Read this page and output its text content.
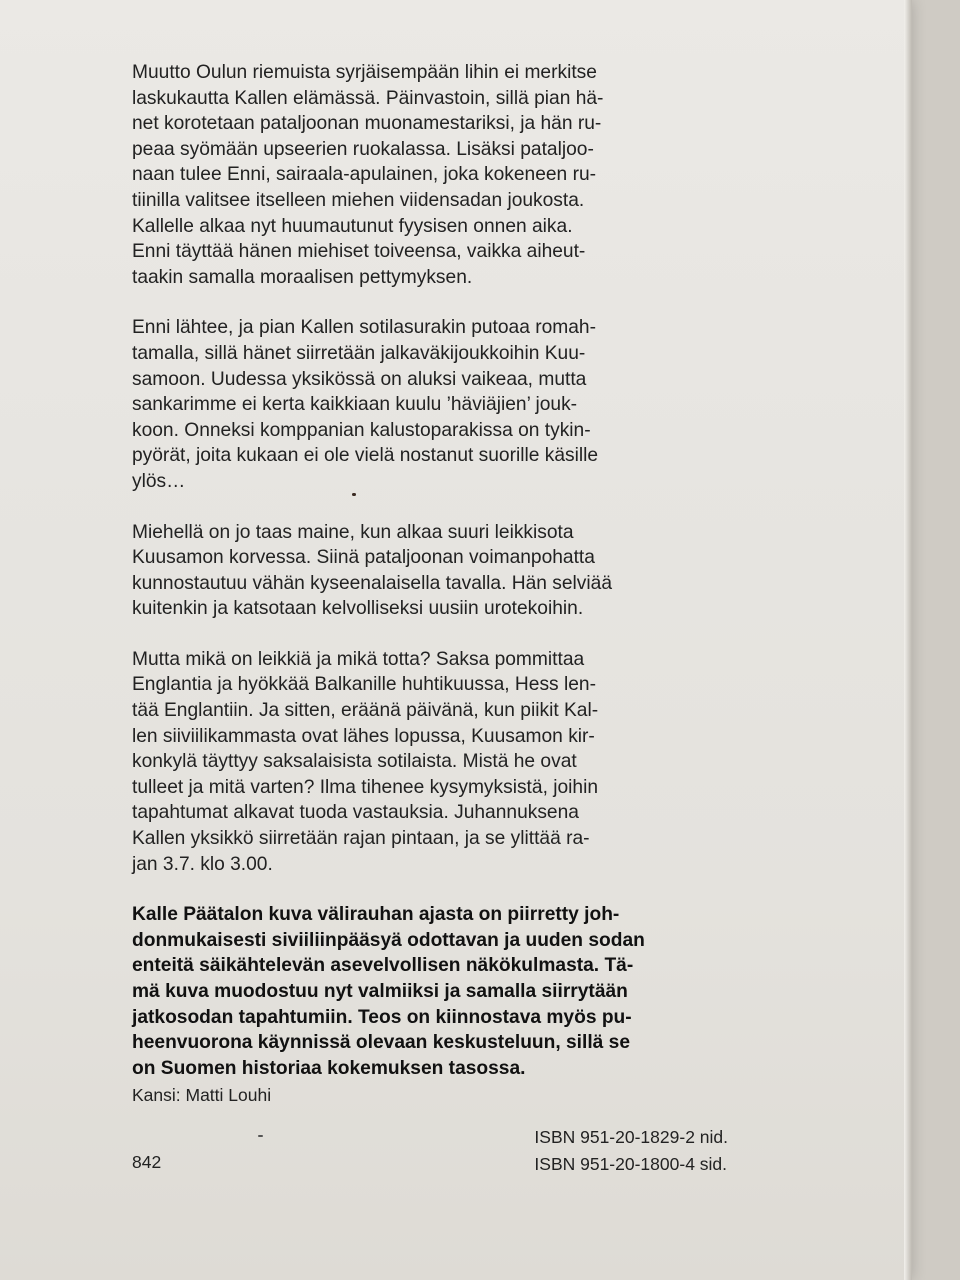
Muutto Oulun riemuista syrjäisempään lihin ei merkitse
laskukautta Kallen elämässä. Päinvastoin, sillä pian hä-
net korotetaan pataljoonan muonamestariksi, ja hän ru-
peaa syömään upseerien ruokalassa. Lisäksi pataljoo-
naan tulee Enni, sairaala-apulainen, joka kokeneen ru-
tiinilla valitsee itselleen miehen viidensadan joukosta.
Kallelle alkaa nyt huumautunut fyysisen onnen aika.
Enni täyttää hänen miehiset toiveensa, vaikka aiheut-
taakin samalla moraalisen pettymyksen.

Enni lähtee, ja pian Kallen sotilasurakin putoaa romah-
tamalla, sillä hänet siirretään jalkaväkijoukkoihin Kuu-
samoon. Uudessa yksikössä on aluksi vaikeaa, mutta
sankarimme ei kerta kaikkiaan kuulu ’häviäjien’ jouk-
koon. Onneksi komppanian kalustoparakissa on tykin-
pyörät, joita kukaan ei ole vielä nostanut suorille käsille
ylös…

Miehellä on jo taas maine, kun alkaa suuri leikkisota
Kuusamon korvessa. Siinä pataljoonan voimanpohatta
kunnostautuu vähän kyseenalaisella tavalla. Hän selviää
kuitenkin ja katsotaan kelvolliseksi uusiin urotekoihin.

Mutta mikä on leikkiä ja mikä totta? Saksa pommittaa
Englantia ja hyökkää Balkanille huhtikuussa, Hess len-
tää Englantiin. Ja sitten, eräänä päivänä, kun piikit Kal-
len siiviilikammasta ovat lähes lopussa, Kuusamon kir-
konkylä täyttyy saksalaisista sotilaista. Mistä he ovat
tulleet ja mitä varten? Ilma tihenee kysymyksistä, joihin
tapahtumat alkavat tuoda vastauksia. Juhannuksena
Kallen yksikkö siirretään rajan pintaan, ja se ylittää ra-
jan 3.7. klo 3.00.

Kalle Päätalon kuva välirauhan ajasta on piirretty joh-
donmukaisesti siviiliinpääsyä odottavan ja uuden sodan
enteitä säikähtelevän asevelvollisen näkökulmasta. Tä-
mä kuva muodostuu nyt valmiiksi ja samalla siirrytään
jatkosodan tapahtumiin. Teos on kiinnostava myös pu-
heenvuorona käynnissä olevaan keskusteluun, sillä se
on Suomen historiaa kokemuksen tasossa.

Kansi: Matti Louhi

842
ISBN 951-20-1829-2 nid.
ISBN 951-20-1800-4 sid.
